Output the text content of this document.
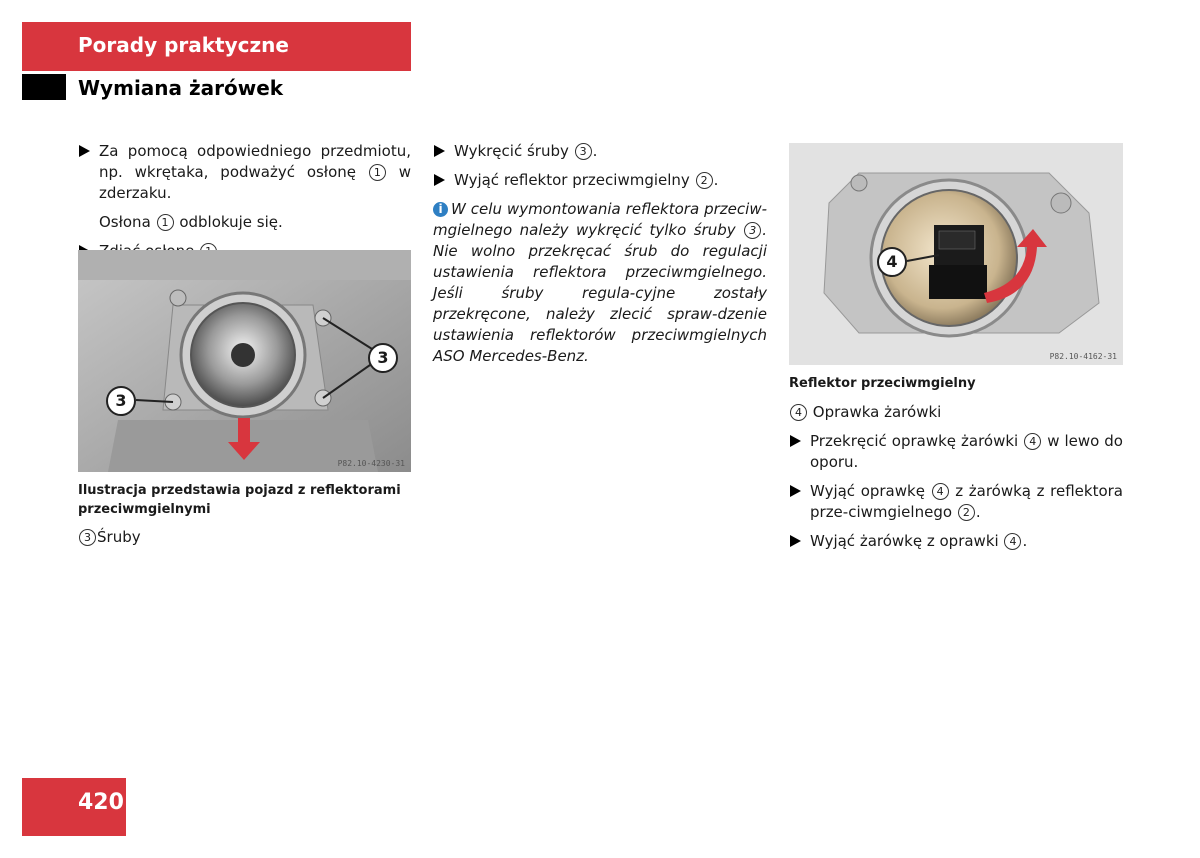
Porady praktyczne
Wymiana żarówek
Za pomocą odpowiedniego przedmiotu, np. wkrętaka, podważyć osłonę 1 w zderzaku.
Osłona 1 odblokuje się.
3
3
P82.10-4230-31
Ilustracja przedstawia pojazd z reflektorami przeciwmgielnymi
3 Śruby
Wykręcić śruby 3 .
Wyjąć reflektor przeciwmgielny 2 .

i W celu wymontowania reflektora przeciw-mgielnego należy wykręcić tylko śruby 3 . Nie wolno przekręcać śrub do regulacji ustawienia reflektora przeciwmgielnego. Jeśli śruby regula-cyjne zostały przekręcone, należy zlecić spraw-dzenie ustawienia reflektorów przeciwmgielnych ASO Mercedes-Benz.

4
P82.10-4162-31
Reflektor przeciwmgielny
4 Oprawka żarówki
Przekręcić oprawkę żarówki 4 w lewo do oporu.
Wyjąć oprawkę 4 z żarówką z reflektora prze-ciwmgielnego 2 .
Wyjąć żarówkę z oprawki 4 .
420
